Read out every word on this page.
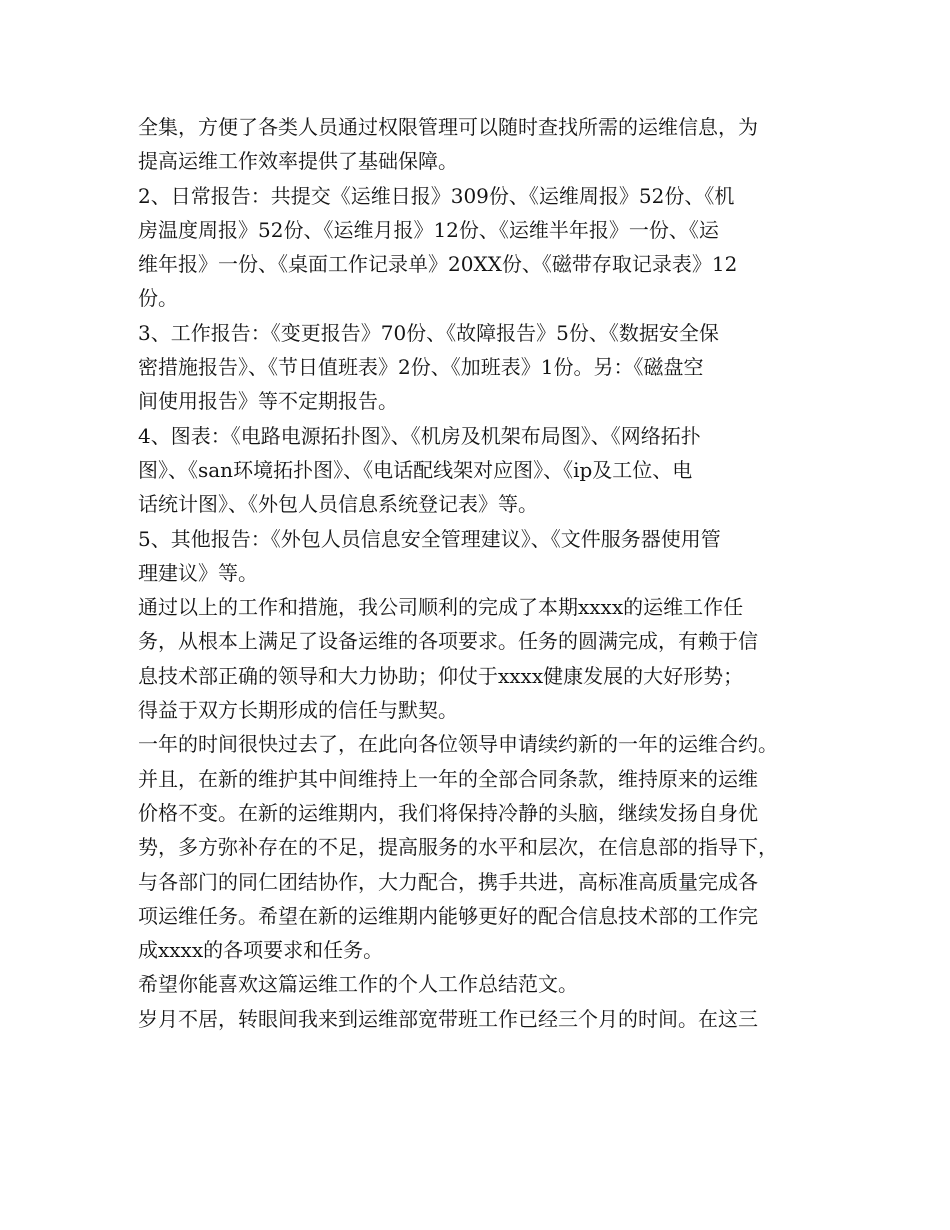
全集，方便了各类人员通过权限管理可以随时查找所需的运维信息，为
提高运维工作效率提供了基础保障。
2、日常报告：共提交《运维日报》309份、《运维周报》52份、《机
房温度周报》52份、《运维月报》12份、《运维半年报》一份、《运
维年报》一份、《桌面工作记录单》20XX份、《磁带存取记录表》12
份。
3、工作报告：《变更报告》70份、《故障报告》5份、《数据安全保
密措施报告》、《节日值班表》2份、《加班表》1份。另：《磁盘空
间使用报告》等不定期报告。
4、图表：《电路电源拓扑图》、《机房及机架布局图》、《网络拓扑
图》、《san环境拓扑图》、《电话配线架对应图》、《ip及工位、电
话统计图》、《外包人员信息系统登记表》等。
5、其他报告：《外包人员信息安全管理建议》、《文件服务器使用管
理建议》等。
通过以上的工作和措施，我公司顺利的完成了本期xxxx的运维工作任
务，从根本上满足了设备运维的各项要求。任务的圆满完成，有赖于信
息技术部正确的领导和大力协助；仰仗于xxxx健康发展的大好形势；
得益于双方长期形成的信任与默契。
一年的时间很快过去了，在此向各位领导申请续约新的一年的运维合约。
并且，在新的维护其中间维持上一年的全部合同条款，维持原来的运维
价格不变。在新的运维期内，我们将保持冷静的头脑，继续发扬自身优
势，多方弥补存在的不足，提高服务的水平和层次，在信息部的指导下，
与各部门的同仁团结协作，大力配合，携手共进，高标准高质量完成各
项运维任务。希望在新的运维期内能够更好的配合信息技术部的工作完
成xxxx的各项要求和任务。
希望你能喜欢这篇运维工作的个人工作总结范文。
岁月不居，转眼间我来到运维部宽带班工作已经三个月的时间。在这三
